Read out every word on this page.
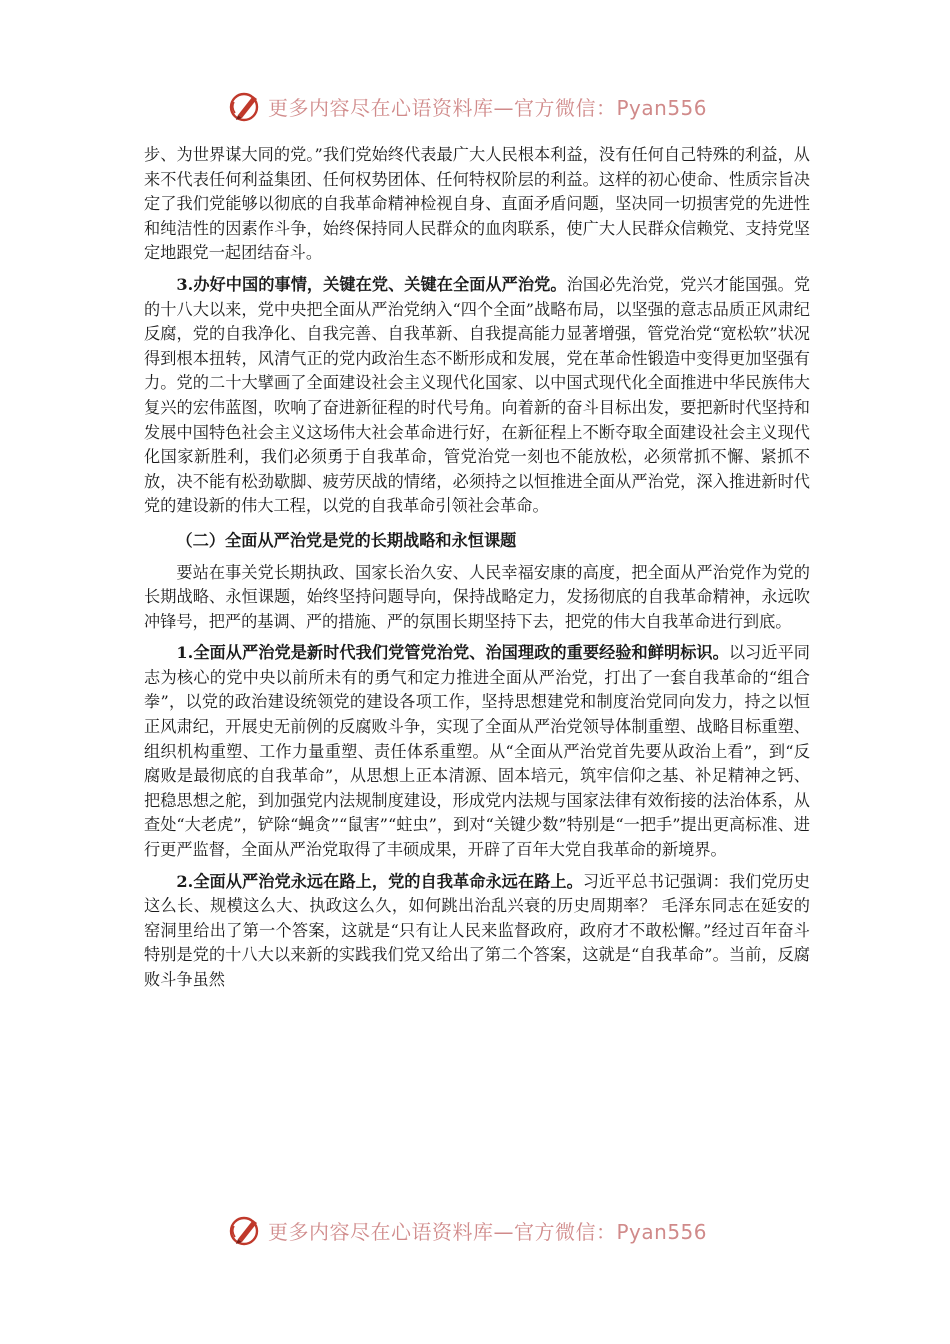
更多内容尽在心语资料库—官方微信：Pyan556

步、为世界谋大同的党。”我们党始终代表最广大人民根本利益，没有任何自己特殊的利益，从来不代表任何利益集团、任何权势团体、任何特权阶层的利益。这样的初心使命、性质宗旨决定了我们党能够以彻底的自我革命精神检视自身、直面矛盾问题，坚决同一切损害党的先进性和纯洁性的因素作斗争，始终保持同人民群众的血肉联系，使广大人民群众信赖党、支持党坚定地跟党一起团结奋斗。

3.办好中国的事情，关键在党、关键在全面从严治党。治国必先治党，党兴才能国强。党的十八大以来，党中央把全面从严治党纳入“四个全面”战略布局，以坚强的意志品质正风肃纪反腐，党的自我净化、自我完善、自我革新、自我提高能力显著增强，管党治党“宽松软”状况得到根本扭转，风清气正的党内政治生态不断形成和发展，党在革命性锻造中变得更加坚强有力。党的二十大擘画了全面建设社会主义现代化国家、以中国式现代化全面推进中华民族伟大复兴的宏伟蓝图，吹响了奋进新征程的时代号角。向着新的奋斗目标出发，要把新时代坚持和发展中国特色社会主义这场伟大社会革命进行好，在新征程上不断夺取全面建设社会主义现代化国家新胜利，我们必须勇于自我革命，管党治党一刻也不能放松，必须常抓不懈、紧抓不放，决不能有松劲歇脚、疲劳厌战的情绪，必须持之以恒推进全面从严治党，深入推进新时代党的建设新的伟大工程，以党的自我革命引领社会革命。

（二）全面从严治党是党的长期战略和永恒课题

要站在事关党长期执政、国家长治久安、人民幸福安康的高度，把全面从严治党作为党的长期战略、永恒课题，始终坚持问题导向，保持战略定力，发扬彻底的自我革命精神，永远吹冲锋号，把严的基调、严的措施、严的氛围长期坚持下去，把党的伟大自我革命进行到底。

1.全面从严治党是新时代我们党管党治党、治国理政的重要经验和鲜明标识。以习近平同志为核心的党中央以前所未有的勇气和定力推进全面从严治党，打出了一套自我革命的“组合拳”，以党的政治建设统领党的建设各项工作，坚持思想建党和制度治党同向发力，持之以恒正风肃纪，开展史无前例的反腐败斗争，实现了全面从严治党领导体制重塑、战略目标重塑、组织机构重塑、工作力量重塑、责任体系重塑。从“全面从严治党首先要从政治上看”，到“反腐败是最彻底的自我革命”，从思想上正本清源、固本培元，筑牢信仰之基、补足精神之钙、把稳思想之舵，到加强党内法规制度建设，形成党内法规与国家法律有效衔接的法治体系，从查处“大老虎”，铲除“蝇贪”“鼠害”“蛀虫”，到对“关键少数”特别是“一把手”提出更高标准、进行更严监督，全面从严治党取得了丰硕成果，开辟了百年大党自我革命的新境界。

2.全面从严治党永远在路上，党的自我革命永远在路上。习近平总书记强调：我们党历史这么长、规模这么大、执政这么久，如何跳出治乱兴衰的历史周期率？ 毛泽东同志在延安的窑洞里给出了第一个答案，这就是“只有让人民来监督政府，政府才不敢松懈。”经过百年奋斗特别是党的十八大以来新的实践我们党又给出了第二个答案，这就是“自我革命”。当前，反腐败斗争虽然

更多内容尽在心语资料库—官方微信：Pyan556
